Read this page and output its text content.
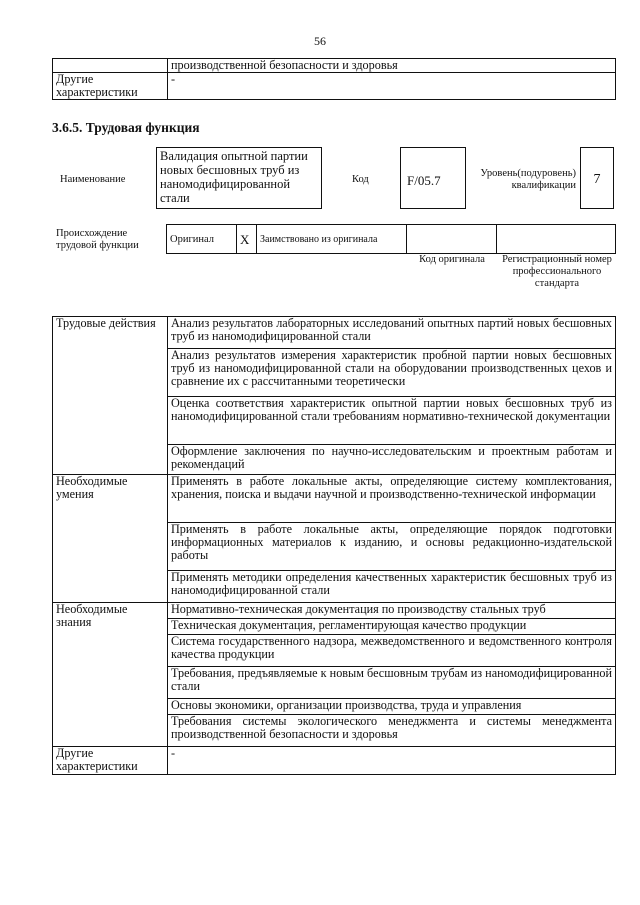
56
	производственной безопасности и здоровья
Другие характеристики	-
3.6.5. Трудовая функция
Наименование
Валидация опытной партии новых бесшовных труб из наномодифицированной стали
Код	F/05.7	Уровень(подуровень) квалификации	7
Происхождение трудовой функции
Оригинал	X	Заимствовано из оригинала		
Код оригинала	Регистрационный номер профессионального стандарта
Трудовые действия	Анализ результатов лабораторных исследований опытных партий новых бесшовных труб из наномодифицированной стали
	Анализ результатов измерения характеристик пробной партии новых бесшовных труб из наномодифицированной стали на оборудовании производственных цехов и сравнение их с рассчитанными теоретически
	Оценка соответствия характеристик опытной партии новых бесшовных труб из наномодифицированной стали требованиям нормативно-технической документации
	Оформление заключения по научно-исследовательским и проектным работам и рекомендаций
Необходимые умения	Применять в работе локальные акты, определяющие систему комплектования, хранения, поиска и выдачи научной и производственно-технической информации
	Применять в работе локальные акты, определяющие порядок подготовки информационных материалов к изданию, и основы редакционно-издательской работы
	Применять методики определения качественных характеристик бесшовных труб из наномодифицированной стали
Необходимые знания	Нормативно-техническая документация по производству стальных труб
	Техническая документация, регламентирующая качество продукции
	Система государственного надзора, межведомственного и ведомственного контроля качества продукции
	Требования, предъявляемые к новым бесшовным трубам из наномодифицированной стали
	Основы экономики, организации производства, труда и управления
	Требования системы экологического менеджмента и системы менеджмента производственной безопасности и здоровья
Другие характеристики	-
